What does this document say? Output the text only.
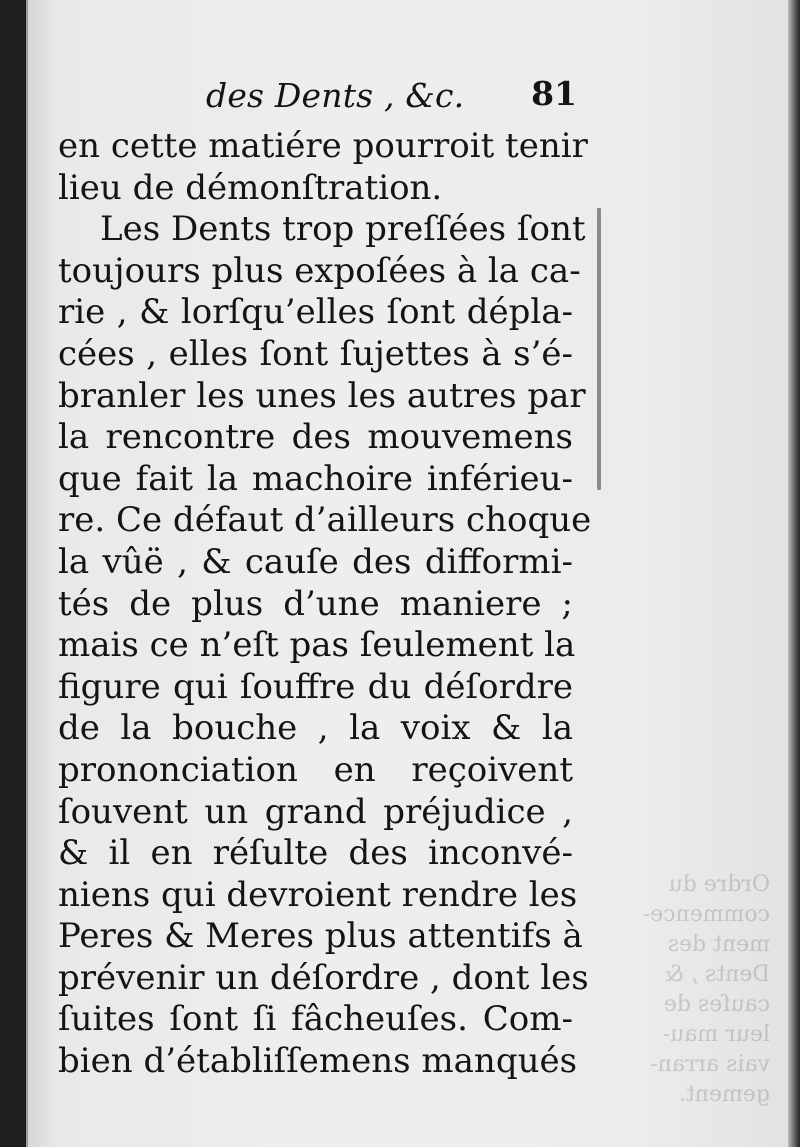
Ordre du
commence-
ment des
Dents , &
cauſes de
leur mau-
vais arran-
gement.
des Dents , &c. 81
en cette matiére pourroit tenir
lieu de démonſtration.
Les Dents trop preſſées ſont
toujours plus expoſées à la ca-
rie , & lorſqu’elles ſont dépla-
cées , elles ſont ſujettes à s’é-
branler les unes les autres par
la rencontre des mouvemens
que fait la machoire inférieu-
re. Ce défaut d’ailleurs choque
la vûë , & cauſe des difformi-
tés de plus d’une maniere ;
mais ce n’eſt pas ſeulement la
figure qui ſouffre du déſordre
de la bouche , la voix & la
prononciation en reçoivent
ſouvent un grand préjudice ,
& il en réſulte des inconvé-
niens qui devroient rendre les
Peres & Meres plus attentifs à
prévenir un déſordre , dont les
ſuites ſont ſi fâcheuſes. Com-
bien d’établiſſemens manqués
